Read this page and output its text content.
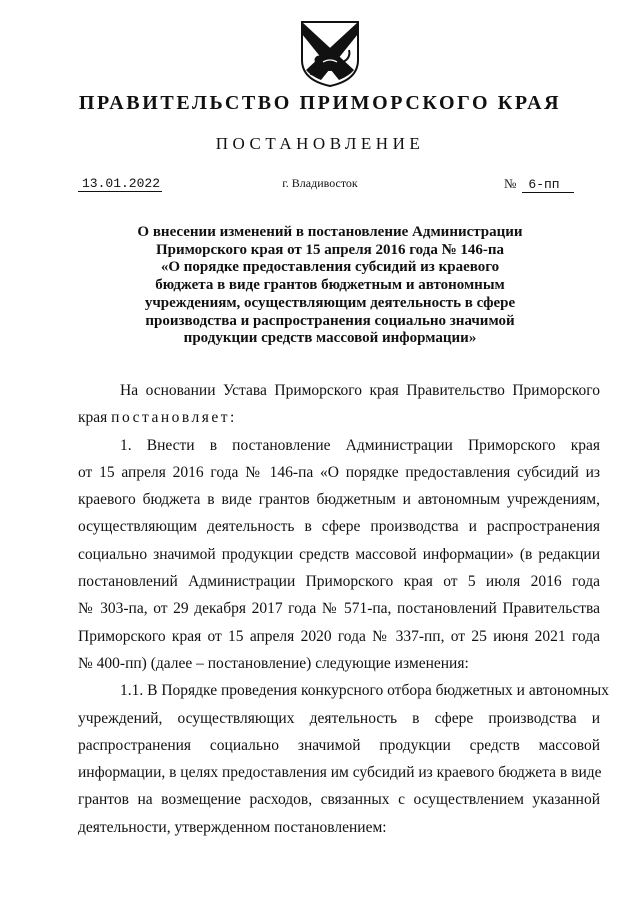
ПРАВИТЕЛЬСТВО ПРИМОРСКОГО КРАЯ
ПОСТАНОВЛЕНИЕ
13.01.2022	г. Владивосток	№ 6-пп
О внесении изменений в постановление Администрации
Приморского края от 15 апреля 2016 года № 146-па
«О порядке предоставления субсидий из краевого
бюджета в виде грантов бюджетным и автономным
учреждениям, осуществляющим деятельность в сфере
производства и распространения социально значимой
продукции средств массовой информации»
На основании Устава Приморского края Правительство Приморского
края постановляет:
1. Внести в постановление Администрации Приморского края
от 15 апреля 2016 года № 146-па «О порядке предоставления субсидий из
краевого бюджета в виде грантов бюджетным и автономным учреждениям,
осуществляющим деятельность в сфере производства и распространения
социально значимой продукции средств массовой информации» (в редакции
постановлений Администрации Приморского края от 5 июля 2016 года
№ 303-па, от 29 декабря 2017 года № 571-па, постановлений Правительства
Приморского края от 15 апреля 2020 года № 337-пп, от 25 июня 2021 года
№ 400-пп) (далее – постановление) следующие изменения:
1.1. В Порядке проведения конкурсного отбора бюджетных и автономных
учреждений, осуществляющих деятельность в сфере производства и
распространения социально значимой продукции средств массовой
информации, в целях предоставления им субсидий из краевого бюджета в виде
грантов на возмещение расходов, связанных с осуществлением указанной
деятельности, утвержденном постановлением:
